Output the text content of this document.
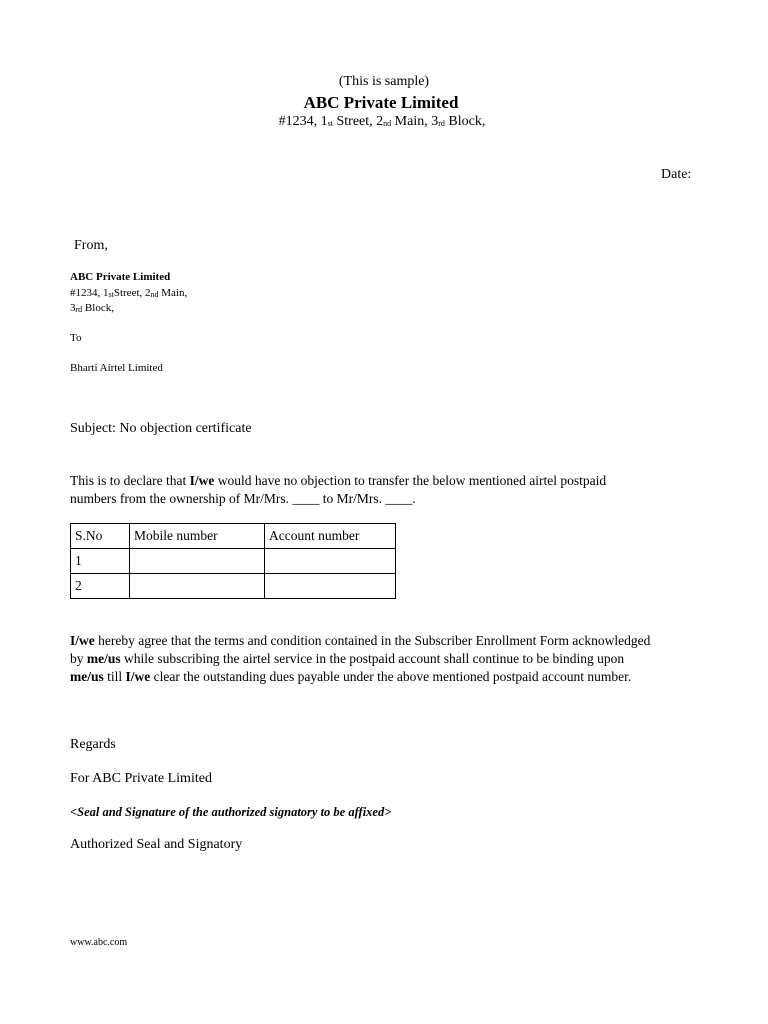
(This is sample)
ABC Private Limited
#1234, $1_{st}$ Street, $2_{nd}$ Main, $3_{rd}$ Block,
Date:
From,
ABC Private Limited
#1234, $1_{st}Street$, $2_{nd}$ Main,
$3_{rd}$ Block,
To
Bharti Airtel Limited
Subject: No objection certificate
This is to declare that I/we would have no objection to transfer the below mentioned airtel postpaid
numbers from the ownership of Mr/Mrs. ____ to Mr/Mrs. ____.
S.No	Mobile number	Account number
1		
2		
I/we hereby agree that the terms and condition contained in the Subscriber Enrollment Form acknowledged
by me/us while subscribing the airtel service in the postpaid account shall continue to be binding upon
me/us till I/we clear the outstanding dues payable under the above mentioned postpaid account number.
Regards
For ABC Private Limited
<Seal and Signature of the authorized signatory to be affixed>
Authorized Seal and Signatory
www.abc.com
